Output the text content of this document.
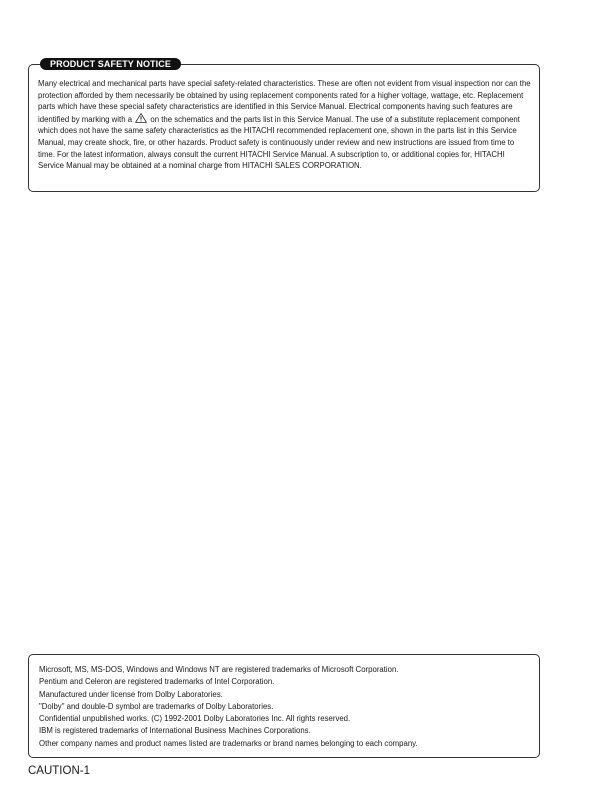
Many electrical and mechanical parts have special safety-related characteristics. These are often not evident from visual inspection nor can the protection afforded by them necessarily be obtained by using replacement components rated for a higher voltage, wattage, etc. Replacement parts which have these special safety characteristics are identified in this Service Manual. Electrical components having such features are identified by marking with a on the schematics and the parts list in this Service Manual. The use of a substitute replacement component which does not have the same safety characteristics as the HITACHI recommended replacement one, shown in the parts list in this Service Manual, may create shock, fire, or other hazards. Product safety is continuously under review and new instructions are issued from time to time. For the latest information, always consult the current HITACHI Service Manual. A subscription to, or additional copies for, HITACHI Service Manual may be obtained at a nominal charge from HITACHI SALES CORPORATION.

PRODUCT SAFETY NOTICE

Microsoft, MS, MS-DOS, Windows and Windows NT are registered trademarks of Microsoft Corporation.

Pentium and Celeron are registered trademarks of Intel Corporation.

Manufactured under license from Dolby Laboratories.

"Dolby" and double-D symbol are trademarks of Dolby Laboratories.

Confidential unpublished works. (C) 1992-2001 Dolby Laboratories Inc. All rights reserved.

IBM is registered trademarks of International Business Machines Corporations.

Other company names and product names listed are trademarks or brand names belonging to each company.

CAUTION-1
